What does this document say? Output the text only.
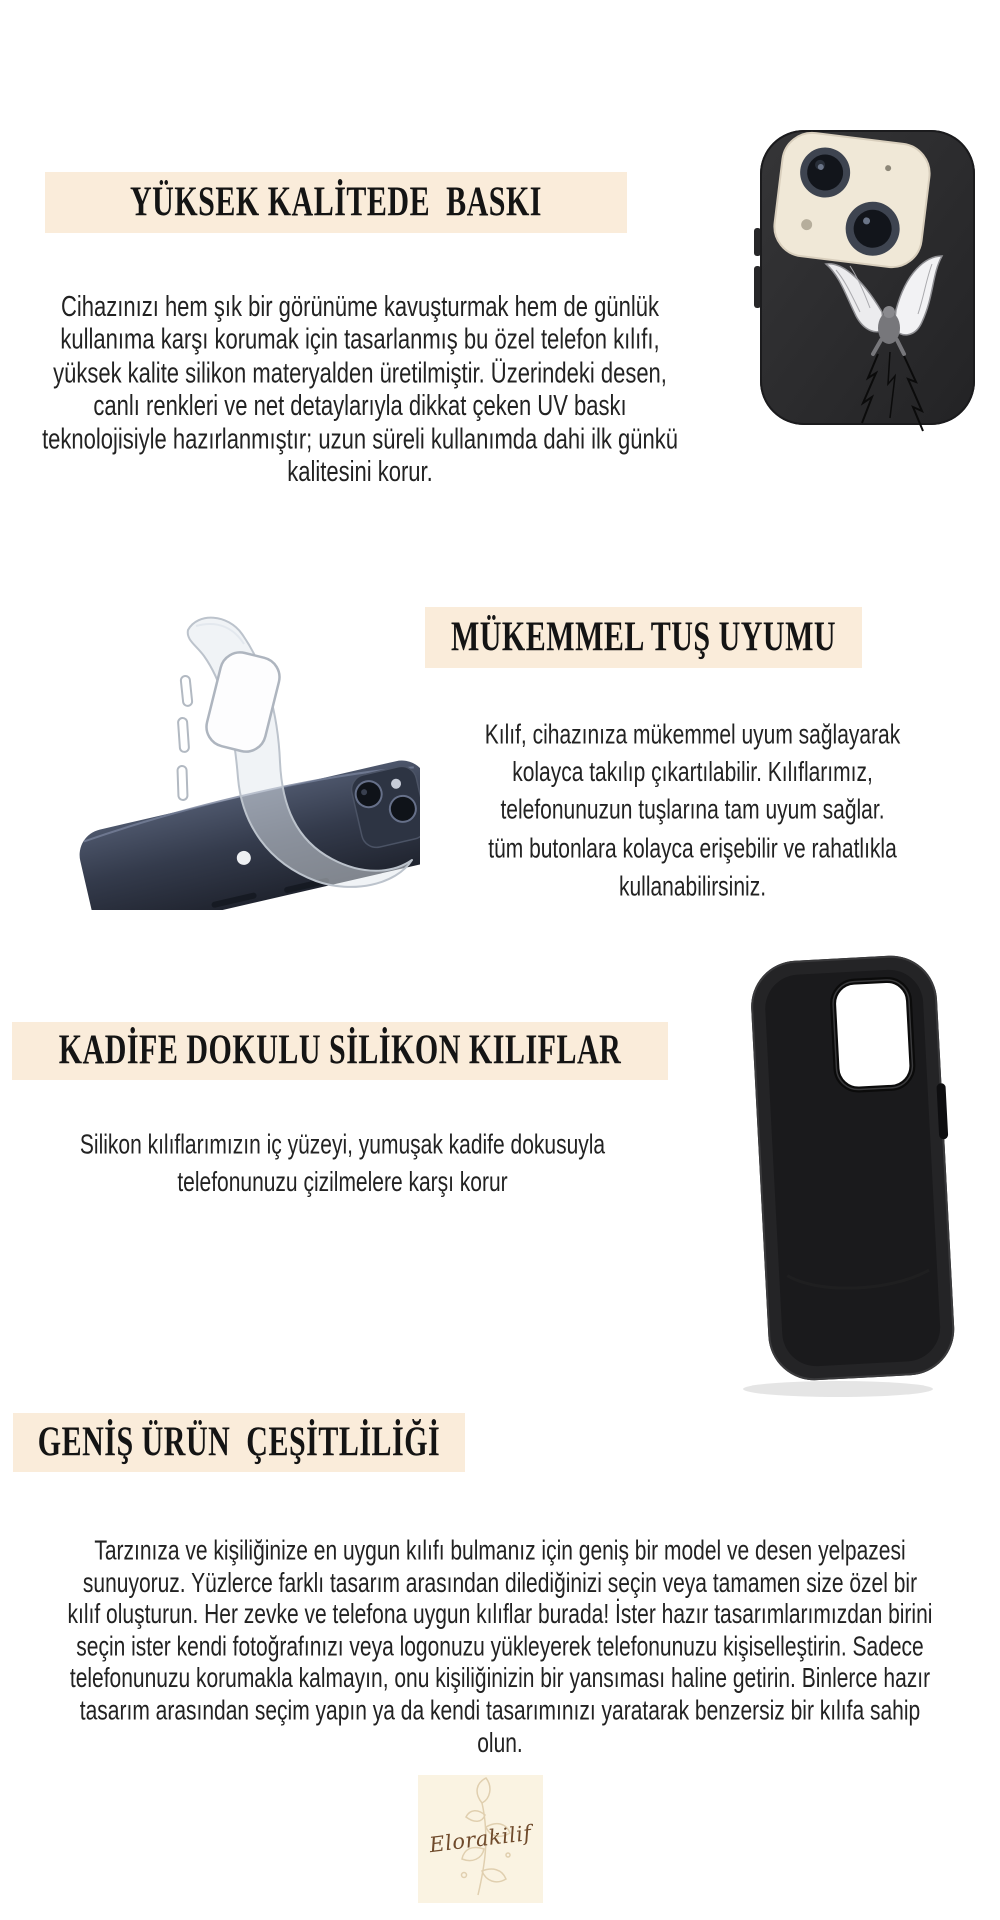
YÜKSEK KALİTEDE  BASKI
Cihazınızı hem şık bir görünüme kavuşturmak hem de günlük
kullanıma karşı korumak için tasarlanmış bu özel telefon kılıfı,
yüksek kalite silikon materyalden üretilmiştir. Üzerindeki desen,
canlı renkleri ve net detaylarıyla dikkat çeken UV baskı
teknolojisiyle hazırlanmıştır; uzun süreli kullanımda dahi ilk günkü
kalitesini korur.
MÜKEMMEL TUŞ UYUMU
Kılıf, cihazınıza mükemmel uyum sağlayarak
kolayca takılıp çıkartılabilir. Kılıflarımız,
telefonunuzun tuşlarına tam uyum sağlar.
tüm butonlara kolayca erişebilir ve rahatlıkla
kullanabilirsiniz.
KADİFE DOKULU SİLİKON KILIFLAR
Silikon kılıflarımızın iç yüzeyi, yumuşak kadife dokusuyla
telefonunuzu çizilmelere karşı korur
GENİŞ ÜRÜN  ÇEŞİTLİLİĞİ
Tarzınıza ve kişiliğinize en uygun kılıfı bulmanız için geniş bir model ve desen yelpazesi
sunuyoruz. Yüzlerce farklı tasarım arasından dilediğinizi seçin veya tamamen size özel bir
kılıf oluşturun. Her zevke ve telefona uygun kılıflar burada! İster hazır tasarımlarımızdan birini
seçin ister kendi fotoğrafınızı veya logonuzu yükleyerek telefonunuzu kişiselleştirin. Sadece
telefonunuzu korumakla kalmayın, onu kişiliğinizin bir yansıması haline getirin. Binlerce hazır
tasarım arasından seçim yapın ya da kendi tasarımınızı yaratarak benzersiz bir kılıfa sahip
olun.
Elorakilif
